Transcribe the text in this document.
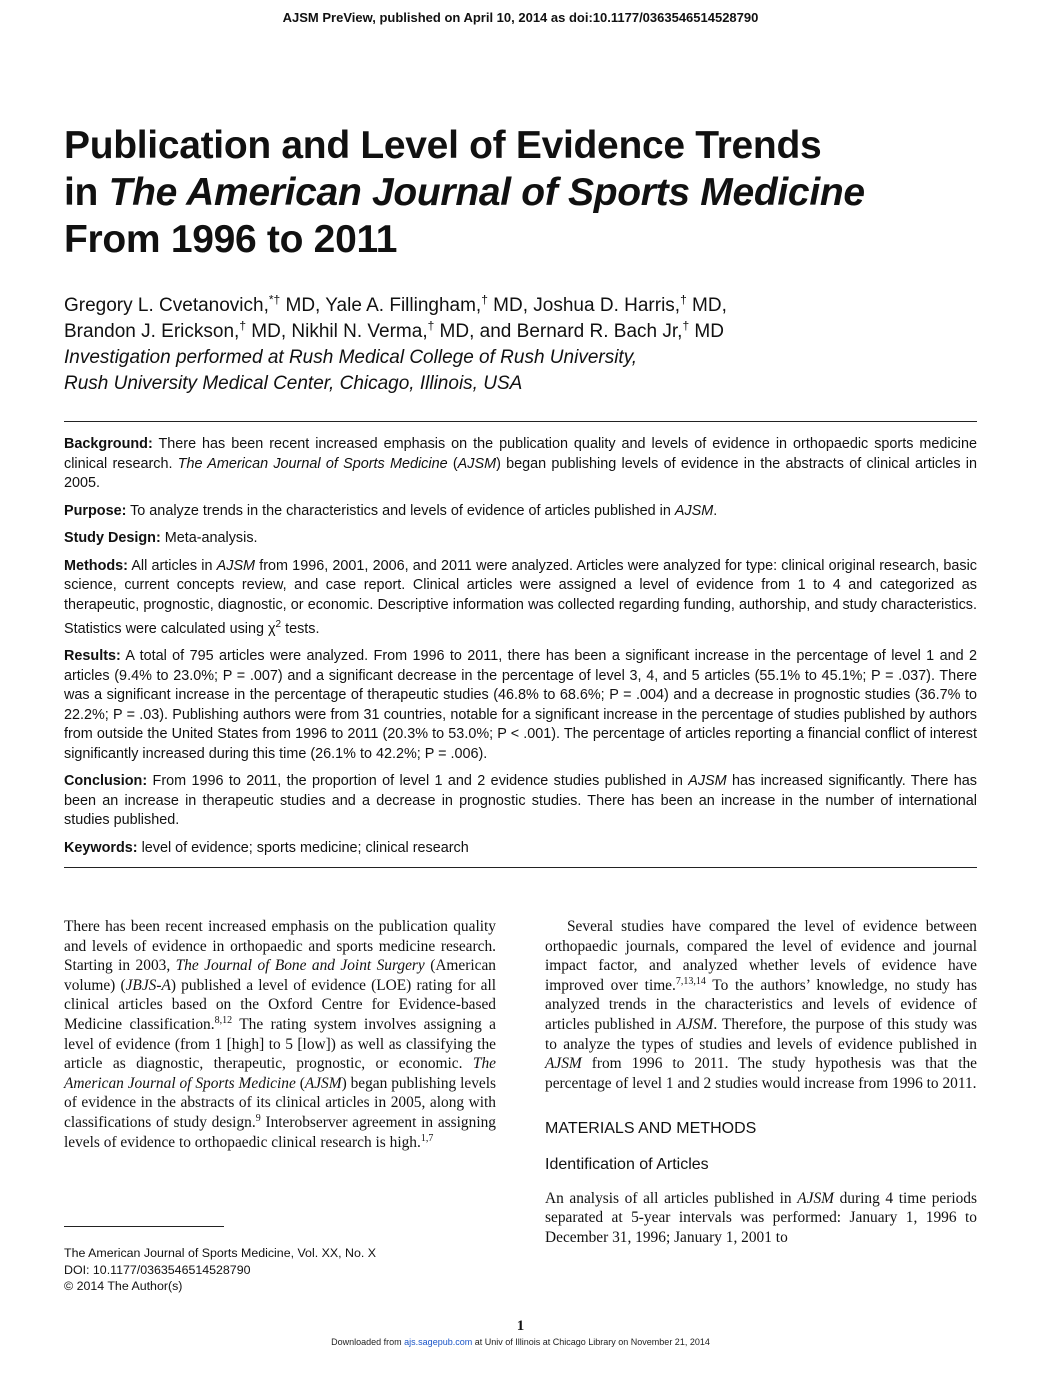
AJSM PreView, published on April 10, 2014 as doi:10.1177/0363546514528790
Publication and Level of Evidence Trends
in The American Journal of Sports Medicine
From 1996 to 2011
Gregory L. Cvetanovich,*† MD, Yale A. Fillingham,† MD, Joshua D. Harris,† MD,
Brandon J. Erickson,† MD, Nikhil N. Verma,† MD, and Bernard R. Bach Jr,† MD
Investigation performed at Rush Medical College of Rush University,
Rush University Medical Center, Chicago, Illinois, USA

Background: There has been recent increased emphasis on the publication quality and levels of evidence in orthopaedic sports medicine clinical research. The American Journal of Sports Medicine (AJSM) began publishing levels of evidence in the abstracts of clinical articles in 2005.

Purpose: To analyze trends in the characteristics and levels of evidence of articles published in AJSM.

Study Design: Meta-analysis.

Methods: All articles in AJSM from 1996, 2001, 2006, and 2011 were analyzed. Articles were analyzed for type: clinical original research, basic science, current concepts review, and case report. Clinical articles were assigned a level of evidence from 1 to 4 and categorized as therapeutic, prognostic, diagnostic, or economic. Descriptive information was collected regarding funding, authorship, and study characteristics. Statistics were calculated using $\chi^2$ tests.

Results: A total of 795 articles were analyzed. From 1996 to 2011, there has been a significant increase in the percentage of level 1 and 2 articles (9.4% to 23.0%; P = .007) and a significant decrease in the percentage of level 3, 4, and 5 articles (55.1% to 45.1%; P = .037). There was a significant increase in the percentage of therapeutic studies (46.8% to 68.6%; P = .004) and a decrease in prognostic studies (36.7% to 22.2%; P = .03). Publishing authors were from 31 countries, notable for a significant increase in the percentage of studies published by authors from outside the United States from 1996 to 2011 (20.3% to 53.0%; P < .001). The percentage of articles reporting a financial conflict of interest significantly increased during this time (26.1% to 42.2%; P = .006).

Conclusion: From 1996 to 2011, the proportion of level 1 and 2 evidence studies published in AJSM has increased significantly. There has been an increase in therapeutic studies and a decrease in prognostic studies. There has been an increase in the number of international studies published.

Keywords: level of evidence; sports medicine; clinical research

There has been recent increased emphasis on the publication quality and levels of evidence in orthopaedic and sports medicine research. Starting in 2003, The Journal of Bone and Joint Surgery (American volume) (JBJS-A) published a level of evidence (LOE) rating for all clinical articles based on the Oxford Centre for Evidence-based Medicine classification.$^{8,12}$ The rating system involves assigning a level of evidence (from 1 [high] to 5 [low]) as well as classifying the article as diagnostic, therapeutic, prognostic, or economic. The American Journal of Sports Medicine (AJSM) began publishing levels of evidence in the abstracts of its clinical articles in 2005, along with classifications of study design.$^9$ Interobserver agreement in assigning levels of evidence to orthopaedic clinical research is high.$^{1,7}$

Several studies have compared the level of evidence between orthopaedic journals, compared the level of evidence and journal impact factor, and analyzed whether levels of evidence have improved over time.$^{7,13,14}$ To the authors’ knowledge, no study has analyzed trends in the characteristics and levels of evidence of articles published in AJSM. Therefore, the purpose of this study was to analyze the types of studies and levels of evidence published in AJSM from 1996 to 2011. The study hypothesis was that the percentage of level 1 and 2 studies would increase from 1996 to 2011.

MATERIALS AND METHODS

Identification of Articles

An analysis of all articles published in AJSM during 4 time periods separated at 5-year intervals was performed: January 1, 1996 to December 31, 1996; January 1, 2001 to

The American Journal of Sports Medicine, Vol. XX, No. X
DOI: 10.1177/0363546514528790
© 2014 The Author(s)
1
Downloaded from ajs.sagepub.com at Univ of Illinois at Chicago Library on November 21, 2014
